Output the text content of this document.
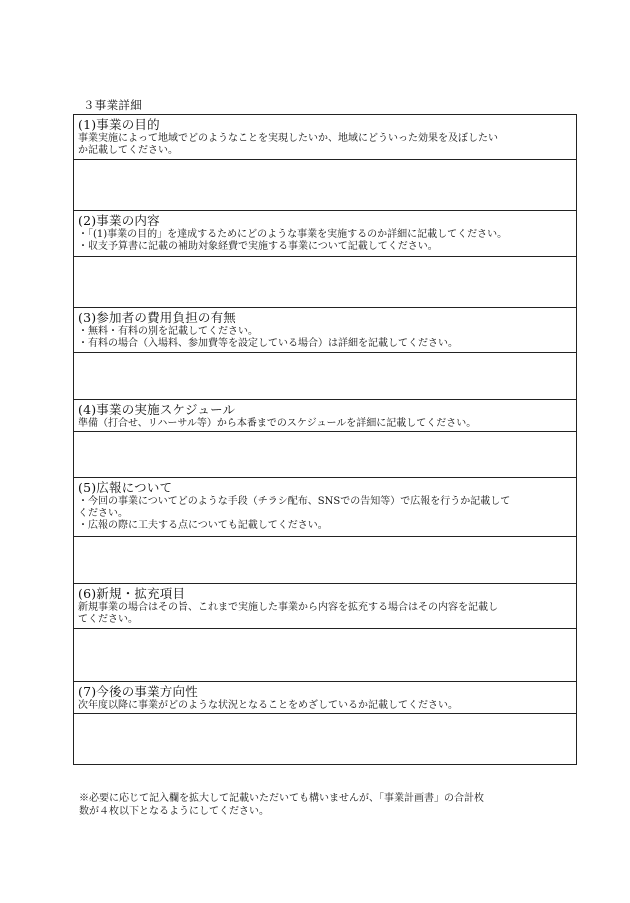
３事業詳細
(1)事業の目的
事業実施によって地域でどのようなことを実現したいか、地域にどういった効果を及ぼしたい
か記載してください。

(2)事業の内容
・「(1)事業の目的」を達成するためにどのような事業を実施するのか詳細に記載してください。
・収支予算書に記載の補助対象経費で実施する事業について記載してください。

(3)参加者の費用負担の有無
・無料・有料の別を記載してください。
・有料の場合（入場料、参加費等を設定している場合）は詳細を記載してください。

(4)事業の実施スケジュール
準備（打合せ、リハーサル等）から本番までのスケジュールを詳細に記載してください。

(5)広報について
・今回の事業についてどのような手段（チラシ配布、SNSでの告知等）で広報を行うか記載して
ください。
・広報の際に工夫する点についても記載してください。

(6)新規・拡充項目
新規事業の場合はその旨、これまで実施した事業から内容を拡充する場合はその内容を記載し
てください。

(7)今後の事業方向性
次年度以降に事業がどのような状況となることをめざしているか記載してください。

※必要に応じて記入欄を拡大して記載いただいても構いませんが、「事業計画書」の合計枚
数が４枚以下となるようにしてください。
